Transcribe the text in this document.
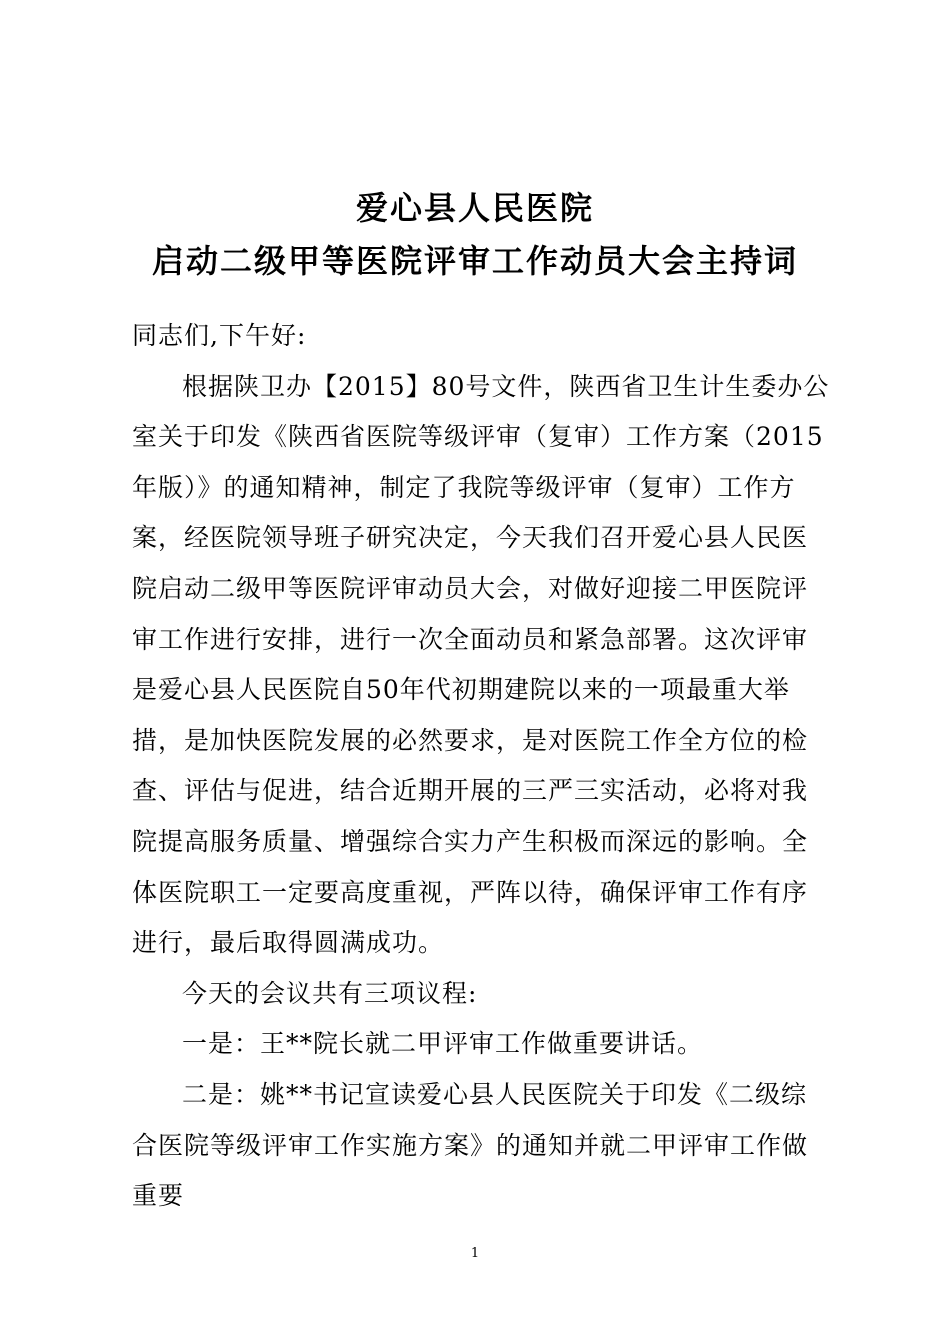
爱心县人民医院
启动二级甲等医院评审工作动员大会主持词

同志们,下午好:

根据陕卫办【2015】80号文件，陕西省卫生计生委办公室关于印发《陕西省医院等级评审（复审）工作方案（2015年版）》的通知精神，制定了我院等级评审（复审）工作方案，经医院领导班子研究决定，今天我们召开爱心县人民医院启动二级甲等医院评审动员大会，对做好迎接二甲医院评审工作进行安排，进行一次全面动员和紧急部署。这次评审是爱心县人民医院自50年代初期建院以来的一项最重大举措，是加快医院发展的必然要求，是对医院工作全方位的检查、评估与促进，结合近期开展的三严三实活动，必将对我院提高服务质量、增强综合实力产生积极而深远的影响。全体医院职工一定要高度重视，严阵以待，确保评审工作有序进行，最后取得圆满成功。

今天的会议共有三项议程:

一是：王**院长就二甲评审工作做重要讲话。

二是：姚**书记宣读爱心县人民医院关于印发《二级综合医院等级评审工作实施方案》的通知并就二甲评审工作做重要

1
